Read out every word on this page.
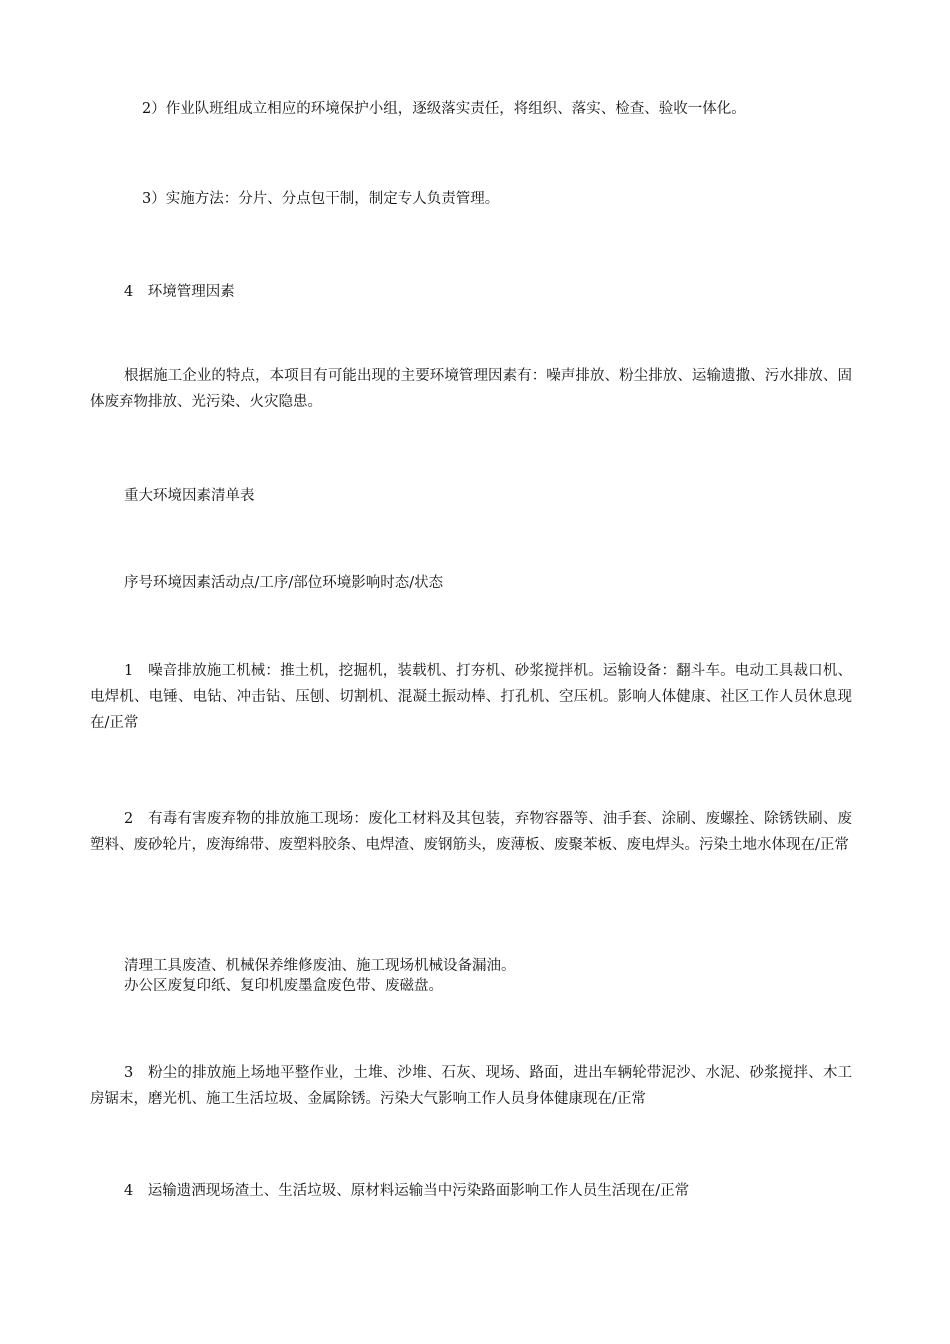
2）作业队班组成立相应的环境保护小组，逐级落实责任，将组织、落实、检查、验收一体化。

3）实施方法：分片、分点包干制，制定专人负责管理。

4　环境管理因素

根据施工企业的特点，本项目有可能出现的主要环境管理因素有：噪声排放、粉尘排放、运输遗撒、污水排放、固体废弃物排放、光污染、火灾隐患。

重大环境因素清单表

序号环境因素活动点/工序/部位环境影响时态/状态

1　噪音排放施工机械：推土机，挖掘机，装载机、打夯机、砂浆搅拌机。运输设备：翻斗车。电动工具裁口机、电焊机、电锤、电钻、冲击钻、压刨、切割机、混凝土振动棒、打孔机、空压机。影响人体健康、社区工作人员休息现在/正常

2　有毒有害废弃物的排放施工现场：废化工材料及其包装，弃物容器等、油手套、涂刷、废螺拴、除锈铁刷、废塑料、废砂轮片，废海绵带、废塑料胶条、电焊渣、废钢筋头，废薄板、废聚苯板、废电焊头。污染土地水体现在/正常

清理工具废渣、机械保养维修废油、施工现场机械设备漏油。
办公区废复印纸、复印机废墨盒废色带、废磁盘。

3　粉尘的排放施上场地平整作业，土堆、沙堆、石灰、现场、路面，进出车辆轮带泥沙、水泥、砂浆搅拌、木工房锯末，磨光机、施工生活垃圾、金属除锈。污染大气影响工作人员身体健康现在/正常

4　运输遗洒现场渣土、生活垃圾、原材料运输当中污染路面影响工作人员生活现在/正常
